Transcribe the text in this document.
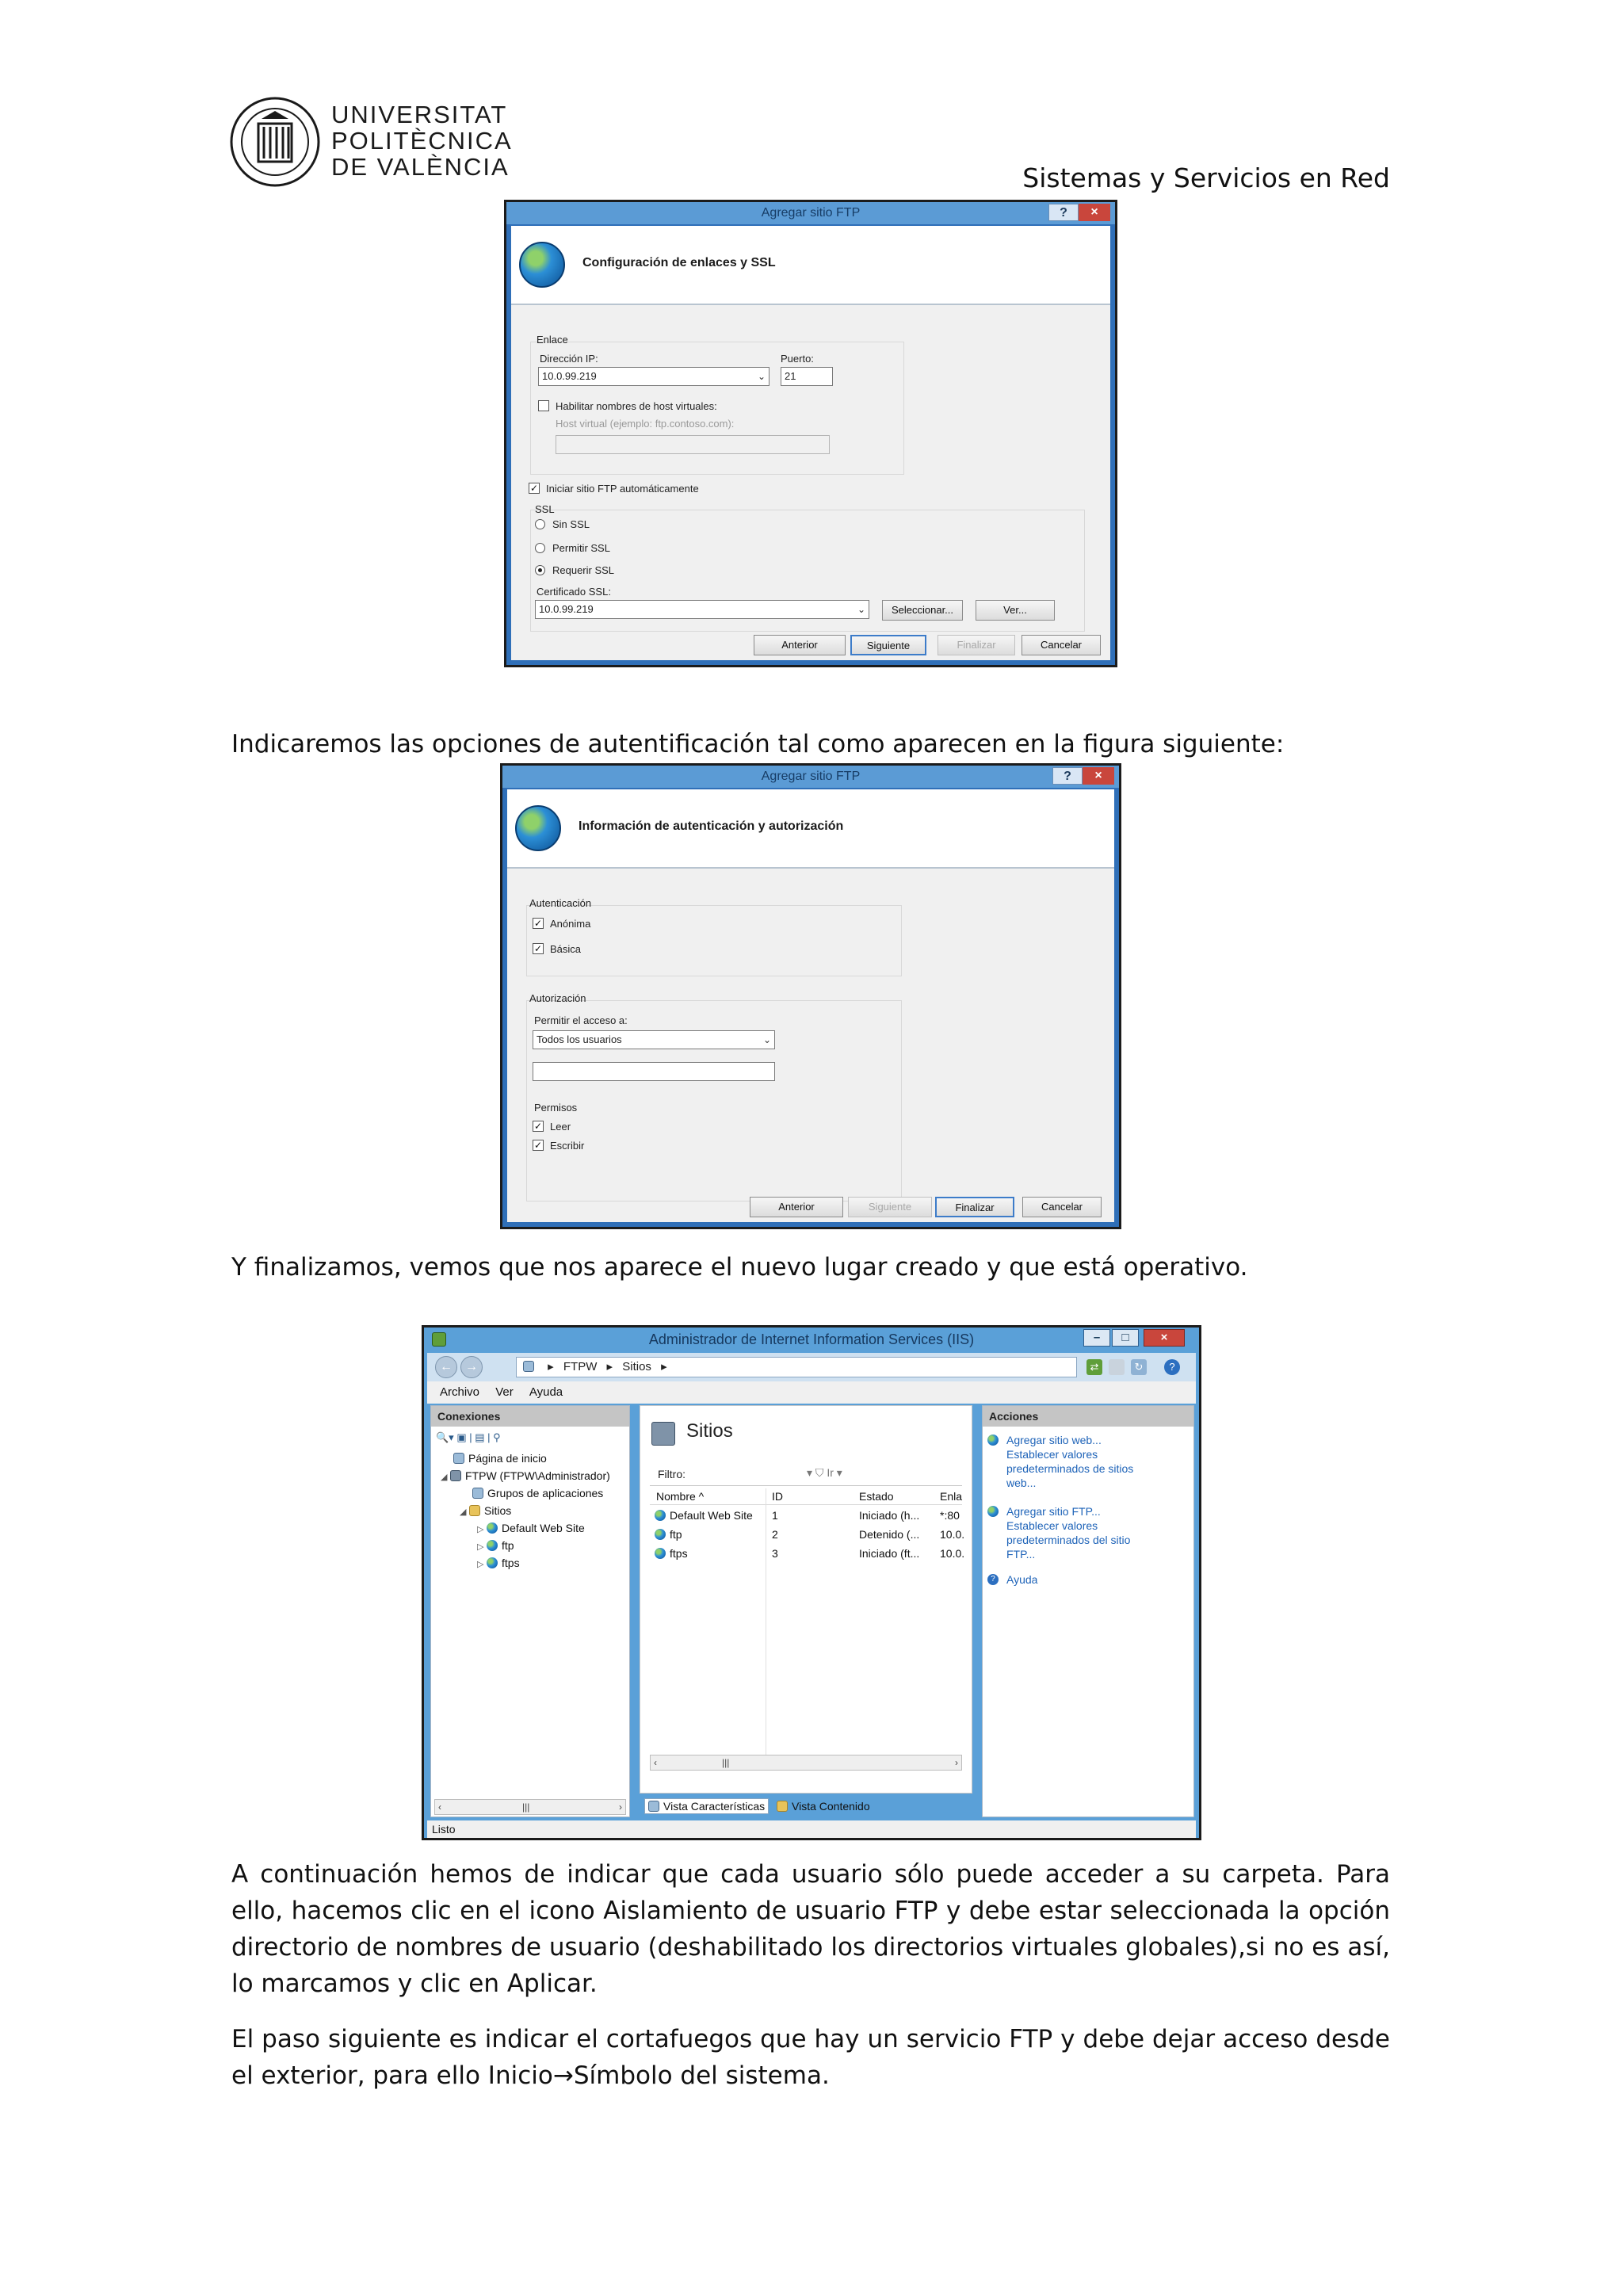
UNIVERSITAT
POLITÈCNICA
DE VALÈNCIA	Sistemas y Servicios en Red
Agregar sitio FTP	?	×
Configuración de enlaces y SSL
Enlace
Dirección IP:
10.0.99.219	⌄
Puerto:
21
Habilitar nombres de host virtuales:
Host virtual (ejemplo: ftp.contoso.com):
✓ Iniciar sitio FTP automáticamente
SSL
Sin SSL
Permitir SSL
Requerir SSL
Certificado SSL:
10.0.99.219	⌄	Seleccionar...	Ver...
Anterior	Siguiente	Finalizar	Cancelar
Indicaremos las opciones de autentificación tal como aparecen en la figura siguiente:
Agregar sitio FTP	?	×
Información de autenticación y autorización
Autenticación
✓ Anónima
✓ Básica
Autorización
Permitir el acceso a:
Todos los usuarios	⌄
Permisos
✓ Leer
✓ Escribir
Anterior	Siguiente	Finalizar	Cancelar
Y finalizamos, vemos que nos aparece el nuevo lugar creado y que está operativo.
Administrador de Internet Information Services (IIS)	–	□	×
←	→	▸ FTPW ▸ Sitios ▸	⇄	↻	?
Archivo Ver Ayuda
Conexiones
🔍▾ ▣ | ▤ | ⚲
Página de inicio
◢ FTPW (FTPW\Administrador)
Grupos de aplicaciones
◢ Sitios
▷ Default Web Site
▷ ftp
▷ ftps
‹	|||	›
Sitios
Filtro:	▾ ⛉ Ir ▾
Nombre ^	ID	Estado	Enla
Default Web Site 1	Iniciado (h... *:80
ftp	2	Detenido (... 10.0.
ftps	3	Iniciado (ft... 10.0.
‹	|||	›
Vista Características Vista Contenido
Acciones
Agregar sitio web...
Establecer valores
predeterminados de sitios
web...
Agregar sitio FTP...
Establecer valores
predeterminados del sitio
FTP...
?	Ayuda
Listo
A continuación hemos de indicar que cada usuario sólo puede acceder a su carpeta. Para ello, hacemos clic en el icono Aislamiento de usuario FTP y debe estar seleccionada la opción directorio de nombres de usuario (deshabilitado los directorios virtuales globales),si no es así, lo marcamos y clic en Aplicar.
El paso siguiente es indicar el cortafuegos que hay un servicio FTP y debe dejar acceso desde el exterior, para ello Inicio→Símbolo del sistema.
